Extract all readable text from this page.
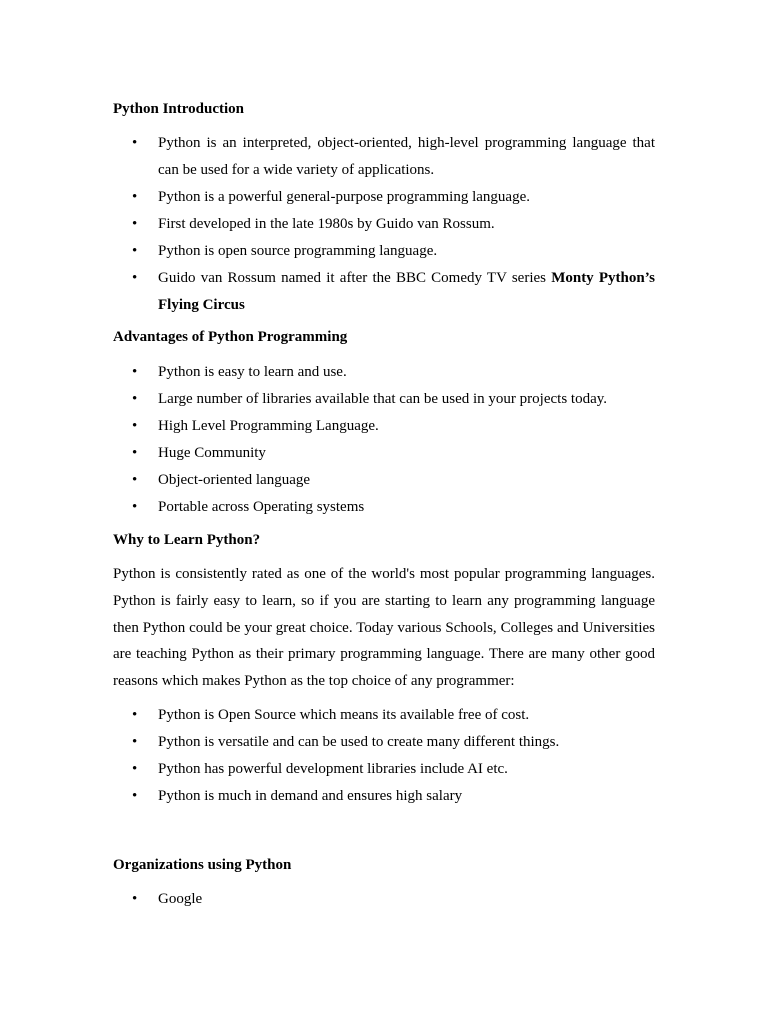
Python Introduction

• Python is an interpreted, object-oriented, high-level programming language that can be used for a wide variety of applications.
• Python is a powerful general-purpose programming language.
• First developed in the late 1980s by Guido van Rossum.
• Python is open source programming language.
• Guido van Rossum named it after the BBC Comedy TV series Monty Python’s Flying Circus

Advantages of Python Programming

• Python is easy to learn and use.
• Large number of libraries available that can be used in your projects today.
• High Level Programming Language.
• Huge Community
• Object-oriented language
• Portable across Operating systems

Why to Learn Python?

Python is consistently rated as one of the world's most popular programming languages. Python is fairly easy to learn, so if you are starting to learn any programming language then Python could be your great choice. Today various Schools, Colleges and Universities are teaching Python as their primary programming language. There are many other good reasons which makes Python as the top choice of any programmer:

• Python is Open Source which means its available free of cost.
• Python is versatile and can be used to create many different things.
• Python has powerful development libraries include AI etc.
• Python is much in demand and ensures high salary

Organizations using Python

• Google
